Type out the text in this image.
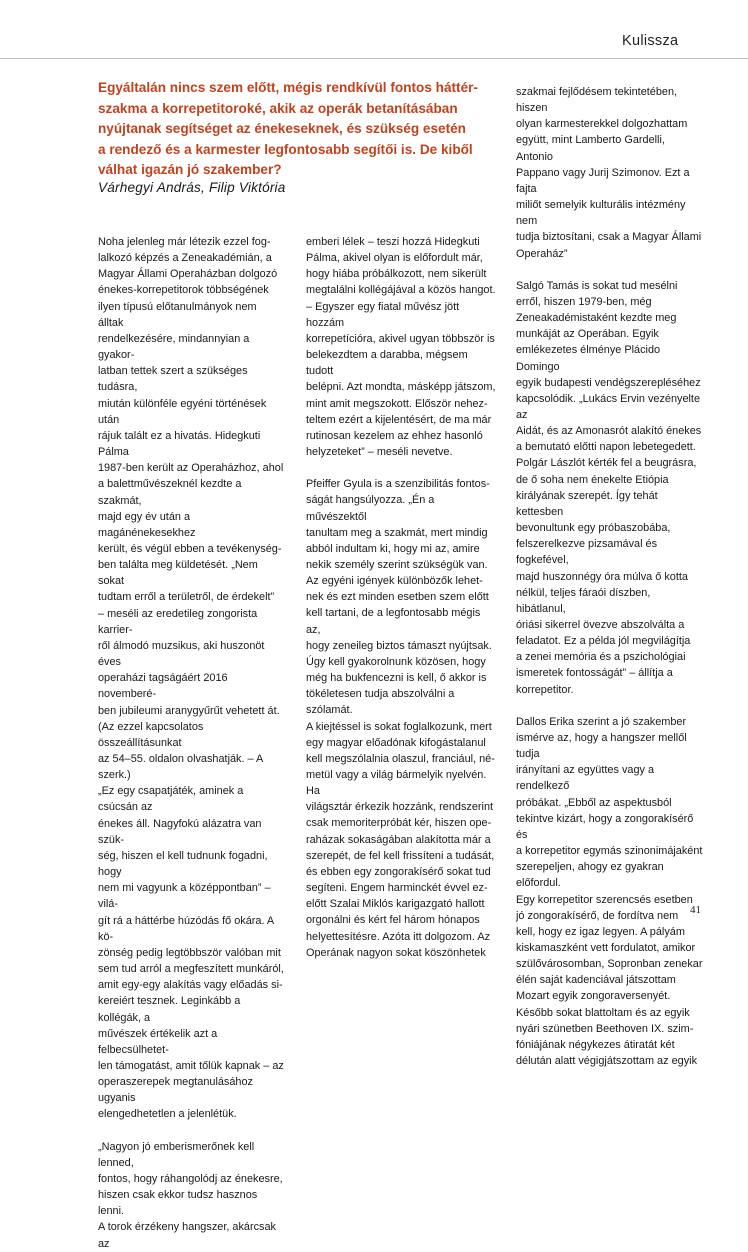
Kulissza

Egyáltalán nincs szem előtt, mégis rendkívül fontos háttér-

szakma a korrepetitoroké, akik az operák betanításában

nyújtanak segítséget az énekeseknek, és szükség esetén

a rendező és a karmester legfontosabb segítői is. De kiből

válhat igazán jó szakember?

Várhegyi András, Filip Viktória

Noha jelenleg már létezik ezzel fog-

lalkozó képzés a Zeneakadémián, a

Magyar Állami Operaházban dolgozó

énekes-korrepetitorok többségének

ilyen típusú előtanulmányok nem álltak

rendelkezésére, mindannyian a gyakor-

latban tettek szert a szükséges tudásra,

miután különféle egyéni történések után

rájuk talált ez a hivatás. Hidegkuti Pálma

1987-ben került az Operaházhoz, ahol

a balettművészeknél kezdte a szakmát,

majd egy év után a magánénekesekhez

került, és végül ebben a tevékenység-

ben találta meg küldetését. „Nem sokat

tudtam erről a területről, de érdekelt”

– meséli az eredetileg zongorista karrier-

ről álmodó muzsikus, aki huszonöt éves

operaházi tagságáért 2016 novemberé-

ben jubileumi aranygyűrűt vehetett át.

(Az ezzel kapcsolatos összeállításunkat

az 54–55. oldalon olvashatják. – A szerk.)

„Ez egy csapatjáték, aminek a csúcsán az

énekes áll. Nagyfokú alázatra van szük-

ség, hiszen el kell tudnunk fogadni, hogy

nem mi vagyunk a középpontban” – vilá-

gít rá a háttérbe húzódás fő okára. A kö-

zönség pedig legtöbbször valóban mit

sem tud arról a megfeszített munkáról,

amit egy-egy alakítás vagy előadás si-

kereiért tesznek. Leginkább a kollégák, a

művészek értékelik azt a felbecsülhetet-

len támogatást, amit tőlük kapnak – az

operaszerepek megtanulásához ugyanis

elengedhetetlen a jelenlétük.

„Nagyon jó emberismerőnek kell lenned,

fontos, hogy ráhangolódj az énekesre,

hiszen csak ekkor tudsz hasznos lenni.

A torok érzékeny hangszer, akárcsak az

emberi lélek – teszi hozzá Hidegkuti

Pálma, akivel olyan is előfordult már,

hogy hiába próbálkozott, nem sikerült

megtalálni kollégájával a közös hangot.

– Egyszer egy fiatal művész jött hozzám

korrepetícióra, akivel ugyan többször is

belekezdtem a darabba, mégsem tudott

belépni. Azt mondta, másképp játszom,

mint amit megszokott. Először nehez-

teltem ezért a kijelentésért, de ma már

rutinosan kezelem az ehhez hasonló

helyzeteket” – meséli nevetve.

Pfeiffer Gyula is a szenzibilitás fontos-

ságát hangsúlyozza. „Én a művészektől

tanultam meg a szakmát, mert mindig

abból indultam ki, hogy mi az, amire

nekik személy szerint szükségük van.

Az egyéni igények különbözők lehet-

nek és ezt minden esetben szem előtt

kell tartani, de a legfontosabb mégis az,

hogy zeneileg biztos támaszt nyújtsak.

Úgy kell gyakorolnunk közösen, hogy

még ha bukfencezni is kell, ő akkor is

tökéletesen tudja abszolválni a szólamát.

A kiejtéssel is sokat foglalkozunk, mert

egy magyar előadónak kifogástalanul

kell megszólalnia olaszul, franciául, né-

metül vagy a világ bármelyik nyelvén. Ha

világsztár érkezik hozzánk, rendszerint

csak memoriterpróbát kér, hiszen ope-

raházak sokaságában alakította már a

szerepét, de fel kell frissíteni a tudását,

és ebben egy zongorakísérő sokat tud

segíteni. Engem harminckét évvel ez-

előtt Szalai Miklós karigazgató hallott

orgonálni és kért fel három hónapos

helyettesítésre. Azóta itt dolgozom. Az

Operának nagyon sokat köszönhetek

szakmai fejlődésem tekintetében, hiszen

olyan karmesterekkel dolgozhattam

együtt, mint Lamberto Gardelli, Antonio

Pappano vagy Jurij Szimonov. Ezt a fajta

miliőt semelyik kulturális intézmény nem

tudja biztosítani, csak a Magyar Állami

Operaház”

Salgó Tamás is sokat tud mesélni

erről, hiszen 1979-ben, még

Zeneakadémistaként kezdte meg

munkáját az Operában. Egyik

emlékezetes élménye Plácido Domingo

egyik budapesti vendégszerepléséhez

kapcsolódik. „Lukács Ervin vezényelte az

Aidát, és az Amonasrót alakító énekes

a bemutató előtti napon lebetegedett.

Polgár Lászlót kérték fel a beugrásra,

de ő soha nem énekelte Etiópia

királyának szerepét. Így tehát kettesben

bevonultunk egy próbaszobába,

felszerelkezve pizsamával és fogkefével,

majd huszonnégy óra múlva ő kotta

nélkül, teljes fáraói díszben, hibátlanul,

óriási sikerrel övezve abszolválta a

feladatot. Ez a példa jól megvilágítja

a zenei memória és a pszichológiai

ismeretek fontosságát” – állítja a

korrepetitor.

Dallos Erika szerint a jó szakember

ismérve az, hogy a hangszer mellől tudja

irányítani az együttes vagy a rendelkező

próbákat. „Ebből az aspektusból

tekintve kizárt, hogy a zongorakísérő és

a korrepetitor egymás szinonimájaként

szerepeljen, ahogy ez gyakran előfordul.

Egy korrepetitor szerencsés esetben

jó zongorakísérő, de fordítva nem

kell, hogy ez igaz legyen. A pályám

kiskamaszként vett fordulatot, amikor

szülővárosomban, Sopronban zenekar

élén saját kadenciával játszottam

Mozart egyik zongoraversenyét.

Később sokat blattoltam és az egyik

nyári szünetben Beethoven IX. szim-

fóniájának négykezes átiratát két

délután alatt végigjátszottam az egyik

41
